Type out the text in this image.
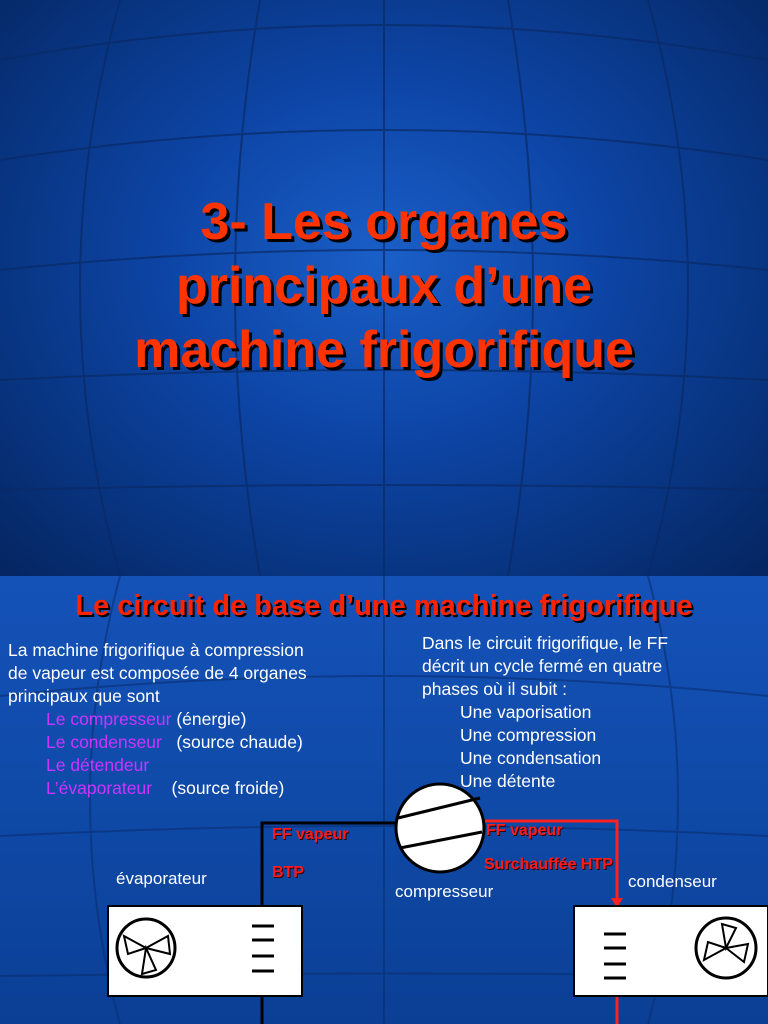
3- Les organes
principaux d’une
machine frigorifique
Le circuit de base d’une machine frigorifique
La machine frigorifique à compression
de vapeur est composée de 4 organes
principaux que sont
Le compresseur (énergie)
Le condenseur (source chaude)
Le détendeur
L’évaporateur (source froide)
Dans le circuit frigorifique, le FF
décrit un cycle fermé en quatre
phases où il subit :
Une vaporisation
Une compression
Une condensation
Une détente
FF vapeur
BTP
FF vapeur
Surchauffée HTP
évaporateur
compresseur
condenseur
